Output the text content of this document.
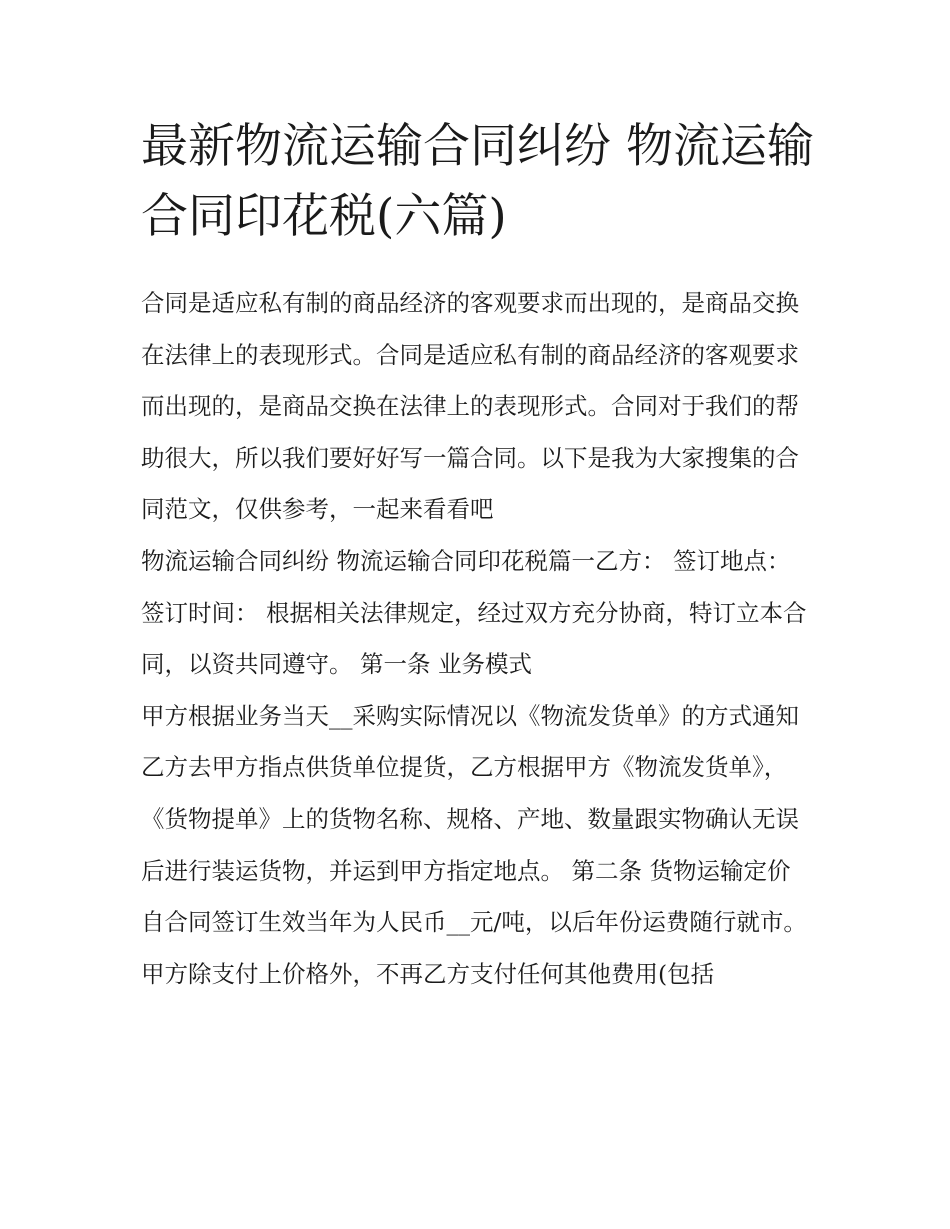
最新物流运输合同纠纷 物流运输合同印花税(六篇)

合同是适应私有制的商品经济的客观要求而出现的，是商品交换在法律上的表现形式。合同是适应私有制的商品经济的客观要求而出现的，是商品交换在法律上的表现形式。合同对于我们的帮助很大，所以我们要好好写一篇合同。以下是我为大家搜集的合同范文，仅供参考，一起来看看吧

物流运输合同纠纷 物流运输合同印花税篇一乙方： 签订地点： 签订时间： 根据相关法律规定，经过双方充分协商，特订立本合同，以资共同遵守。 第一条 业务模式

甲方根据业务当天__采购实际情况以《物流发货单》的方式通知乙方去甲方指点供货单位提货，乙方根据甲方《物流发货单》，

《货物提单》上的货物名称、规格、产地、数量跟实物确认无误后进行装运货物，并运到甲方指定地点。 第二条 货物运输定价

自合同签订生效当年为人民币__元/吨，以后年份运费随行就市。甲方除支付上价格外，不再乙方支付任何其他费用(包括
